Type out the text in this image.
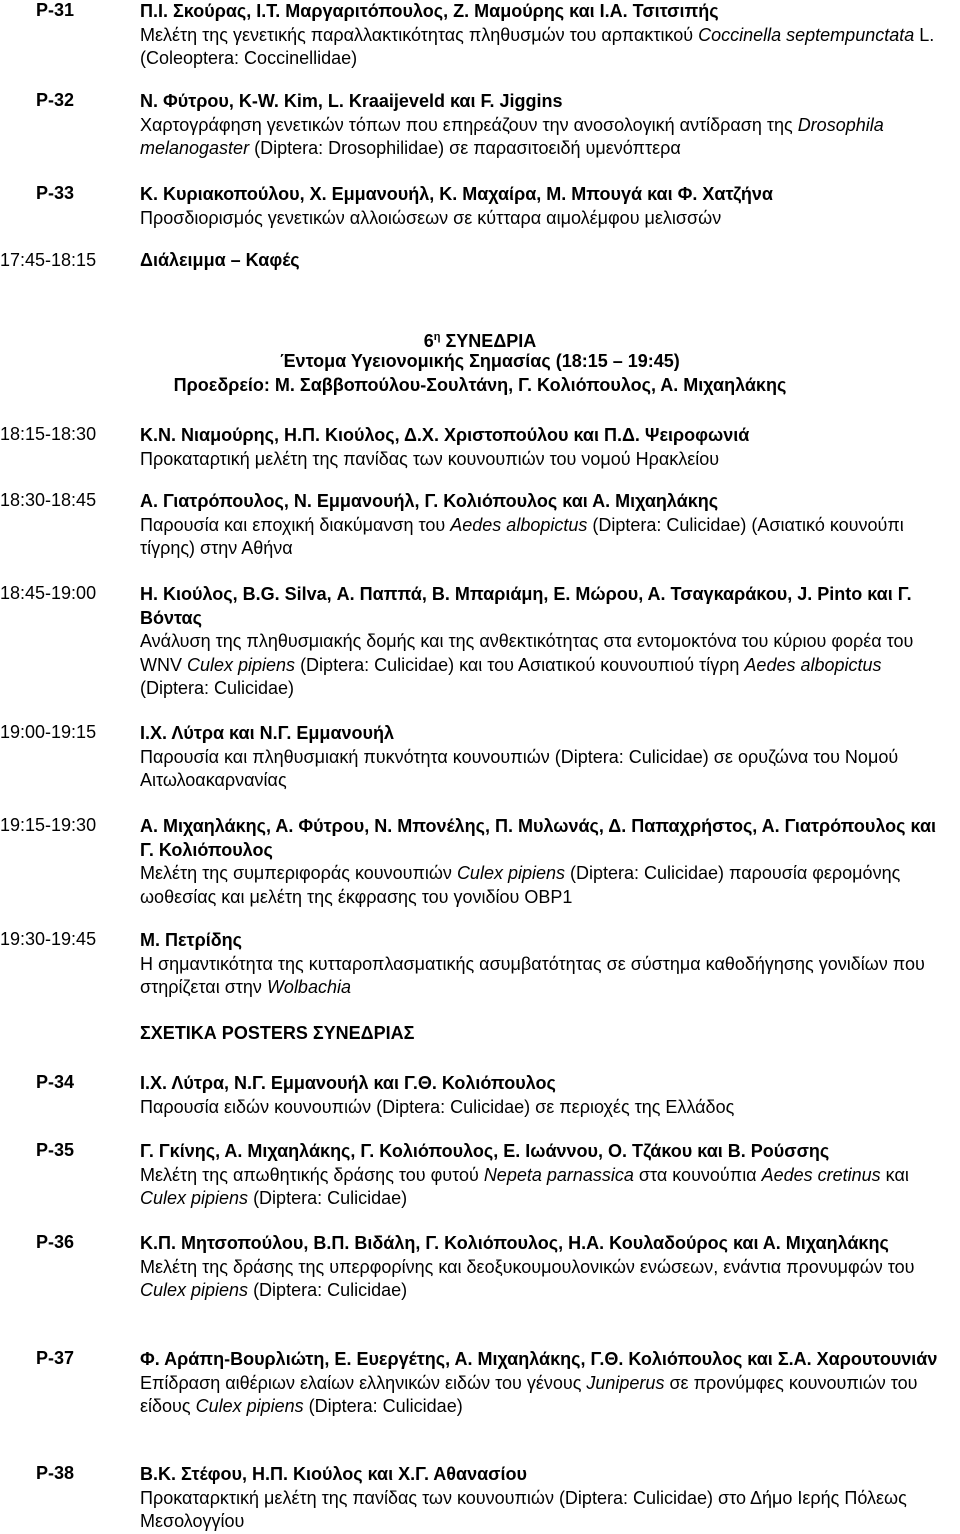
P-31	Π.Ι. Σκούρας, Ι.Τ. Μαργαριτόπουλος, Ζ. Μαμούρης και Ι.Α. Τσιτσιπής
Μελέτη της γενετικής παραλλακτικότητας πληθυσμών του αρπακτικού Coccinella septempunctata L. (Coleoptera: Coccinellidae)
P-32	Ν. Φύτρου, K-W. Kim, L. Kraaijeveld και F. Jiggins
Χαρτογράφηση γενετικών τόπων που επηρεάζουν την ανοσολογική αντίδραση της Drosophila melanogaster (Diptera: Drosophilidae) σε παρασιτοειδή υμενόπτερα
P-33	Κ. Κυριακοπούλου, Χ. Εμμανουήλ, Κ. Μαχαίρα, Μ. Μπουγά και Φ. Χατζήνα
Προσδιορισμός γενετικών αλλοιώσεων σε κύτταρα αιμολέμφου μελισσών
17:45-18:15 Διάλειμμα – Καφές
$6^\eta$ ΣΥΝΕΔΡΙΑ
Έντομα Υγειονομικής Σημασίας (18:15 – 19:45)
Προεδρείο: Μ. Σαββοπούλου-Σουλτάνη, Γ. Κολιόπουλος, Α. Μιχαηλάκης
18:15-18:30 Κ.Ν. Νιαμούρης, Η.Π. Κιούλος, Δ.Χ. Χριστοπούλου και Π.Δ. Ψειροφωνιά
Προκαταρτική μελέτη της πανίδας των κουνουπιών του νομού Ηρακλείου
18:30-18:45 Α. Γιατρόπουλος, Ν. Εμμανουήλ, Γ. Κολιόπουλος και Α. Μιχαηλάκης
Παρουσία και εποχική διακύμανση του Aedes albopictus (Diptera: Culicidae) (Ασιατικό κουνούπι τίγρης) στην Αθήνα
18:45-19:00 Η. Κιούλος, B.G. Silva, Α. Παππά, Β. Μπαριάμη, Ε. Μώρου, Α. Τσαγκαράκου, J. Pinto και Γ. Βόντας
Ανάλυση της πληθυσμιακής δομής και της ανθεκτικότητας στα εντομοκτόνα του κύριου φορέα του WNV Culex pipiens (Diptera: Culicidae) και του Ασιατικού κουνουπιού τίγρη Aedes albopictus (Diptera: Culicidae)
19:00-19:15 Ι.Χ. Λύτρα και Ν.Γ. Εμμανουήλ
Παρουσία και πληθυσμιακή πυκνότητα κουνουπιών (Diptera: Culicidae) σε ορυζώνα του Νομού Αιτωλοακαρνανίας
19:15-19:30 Α. Μιχαηλάκης, Α. Φύτρου, Ν. Μπονέλης, Π. Μυλωνάς, Δ. Παπαχρήστος, Α. Γιατρόπουλος και Γ. Κολιόπουλος
Μελέτη της συμπεριφοράς κουνουπιών Culex pipiens (Diptera: Culicidae) παρουσία φερομόνης ωοθεσίας και μελέτη της έκφρασης του γονιδίου OBP1
19:30-19:45 Μ. Πετρίδης
Η σημαντικότητα της κυτταροπλασματικής ασυμβατότητας σε σύστημα καθοδήγησης γονιδίων που στηρίζεται στην Wolbachia
ΣΧΕΤΙΚΑ POSTERS ΣΥΝΕΔΡΙΑΣ
P-34	Ι.Χ. Λύτρα, Ν.Γ. Εμμανουήλ και Γ.Θ. Κολιόπουλος
Παρουσία ειδών κουνουπιών (Diptera: Culicidae) σε περιοχές της Ελλάδος
P-35	Γ. Γκίνης, Α. Μιχαηλάκης, Γ. Κολιόπουλος, Ε. Ιωάννου, Ο. Τζάκου και Β. Ρούσσης
Μελέτη της απωθητικής δράσης του φυτού Nepeta parnassica στα κουνούπια Aedes cretinus και Culex pipiens (Diptera: Culicidae)
P-36	Κ.Π. Μητσοπούλου, Β.Π. Βιδάλη, Γ. Κολιόπουλος, Η.Α. Κουλαδούρος και Α. Μιχαηλάκης
Μελέτη της δράσης της υπερφορίνης και δεοξυκουμουλονικών ενώσεων, ενάντια προνυμφών του Culex pipiens (Diptera: Culicidae)
P-37	Φ. Αράπη-Βουρλιώτη, Ε. Ευεργέτης, Α. Μιχαηλάκης, Γ.Θ. Κολιόπουλος και Σ.Α. Χαρουτουνιάν
Επίδραση αιθέριων ελαίων ελληνικών ειδών του γένους Juniperus σε προνύμφες κουνουπιών του είδους Culex pipiens (Diptera: Culicidae)
P-38	Β.Κ. Στέφου, Η.Π. Κιούλος και Χ.Γ. Αθανασίου
Προκαταρκτική μελέτη της πανίδας των κουνουπιών (Diptera: Culicidae) στο Δήμο Ιερής Πόλεως Μεσολογγίου
